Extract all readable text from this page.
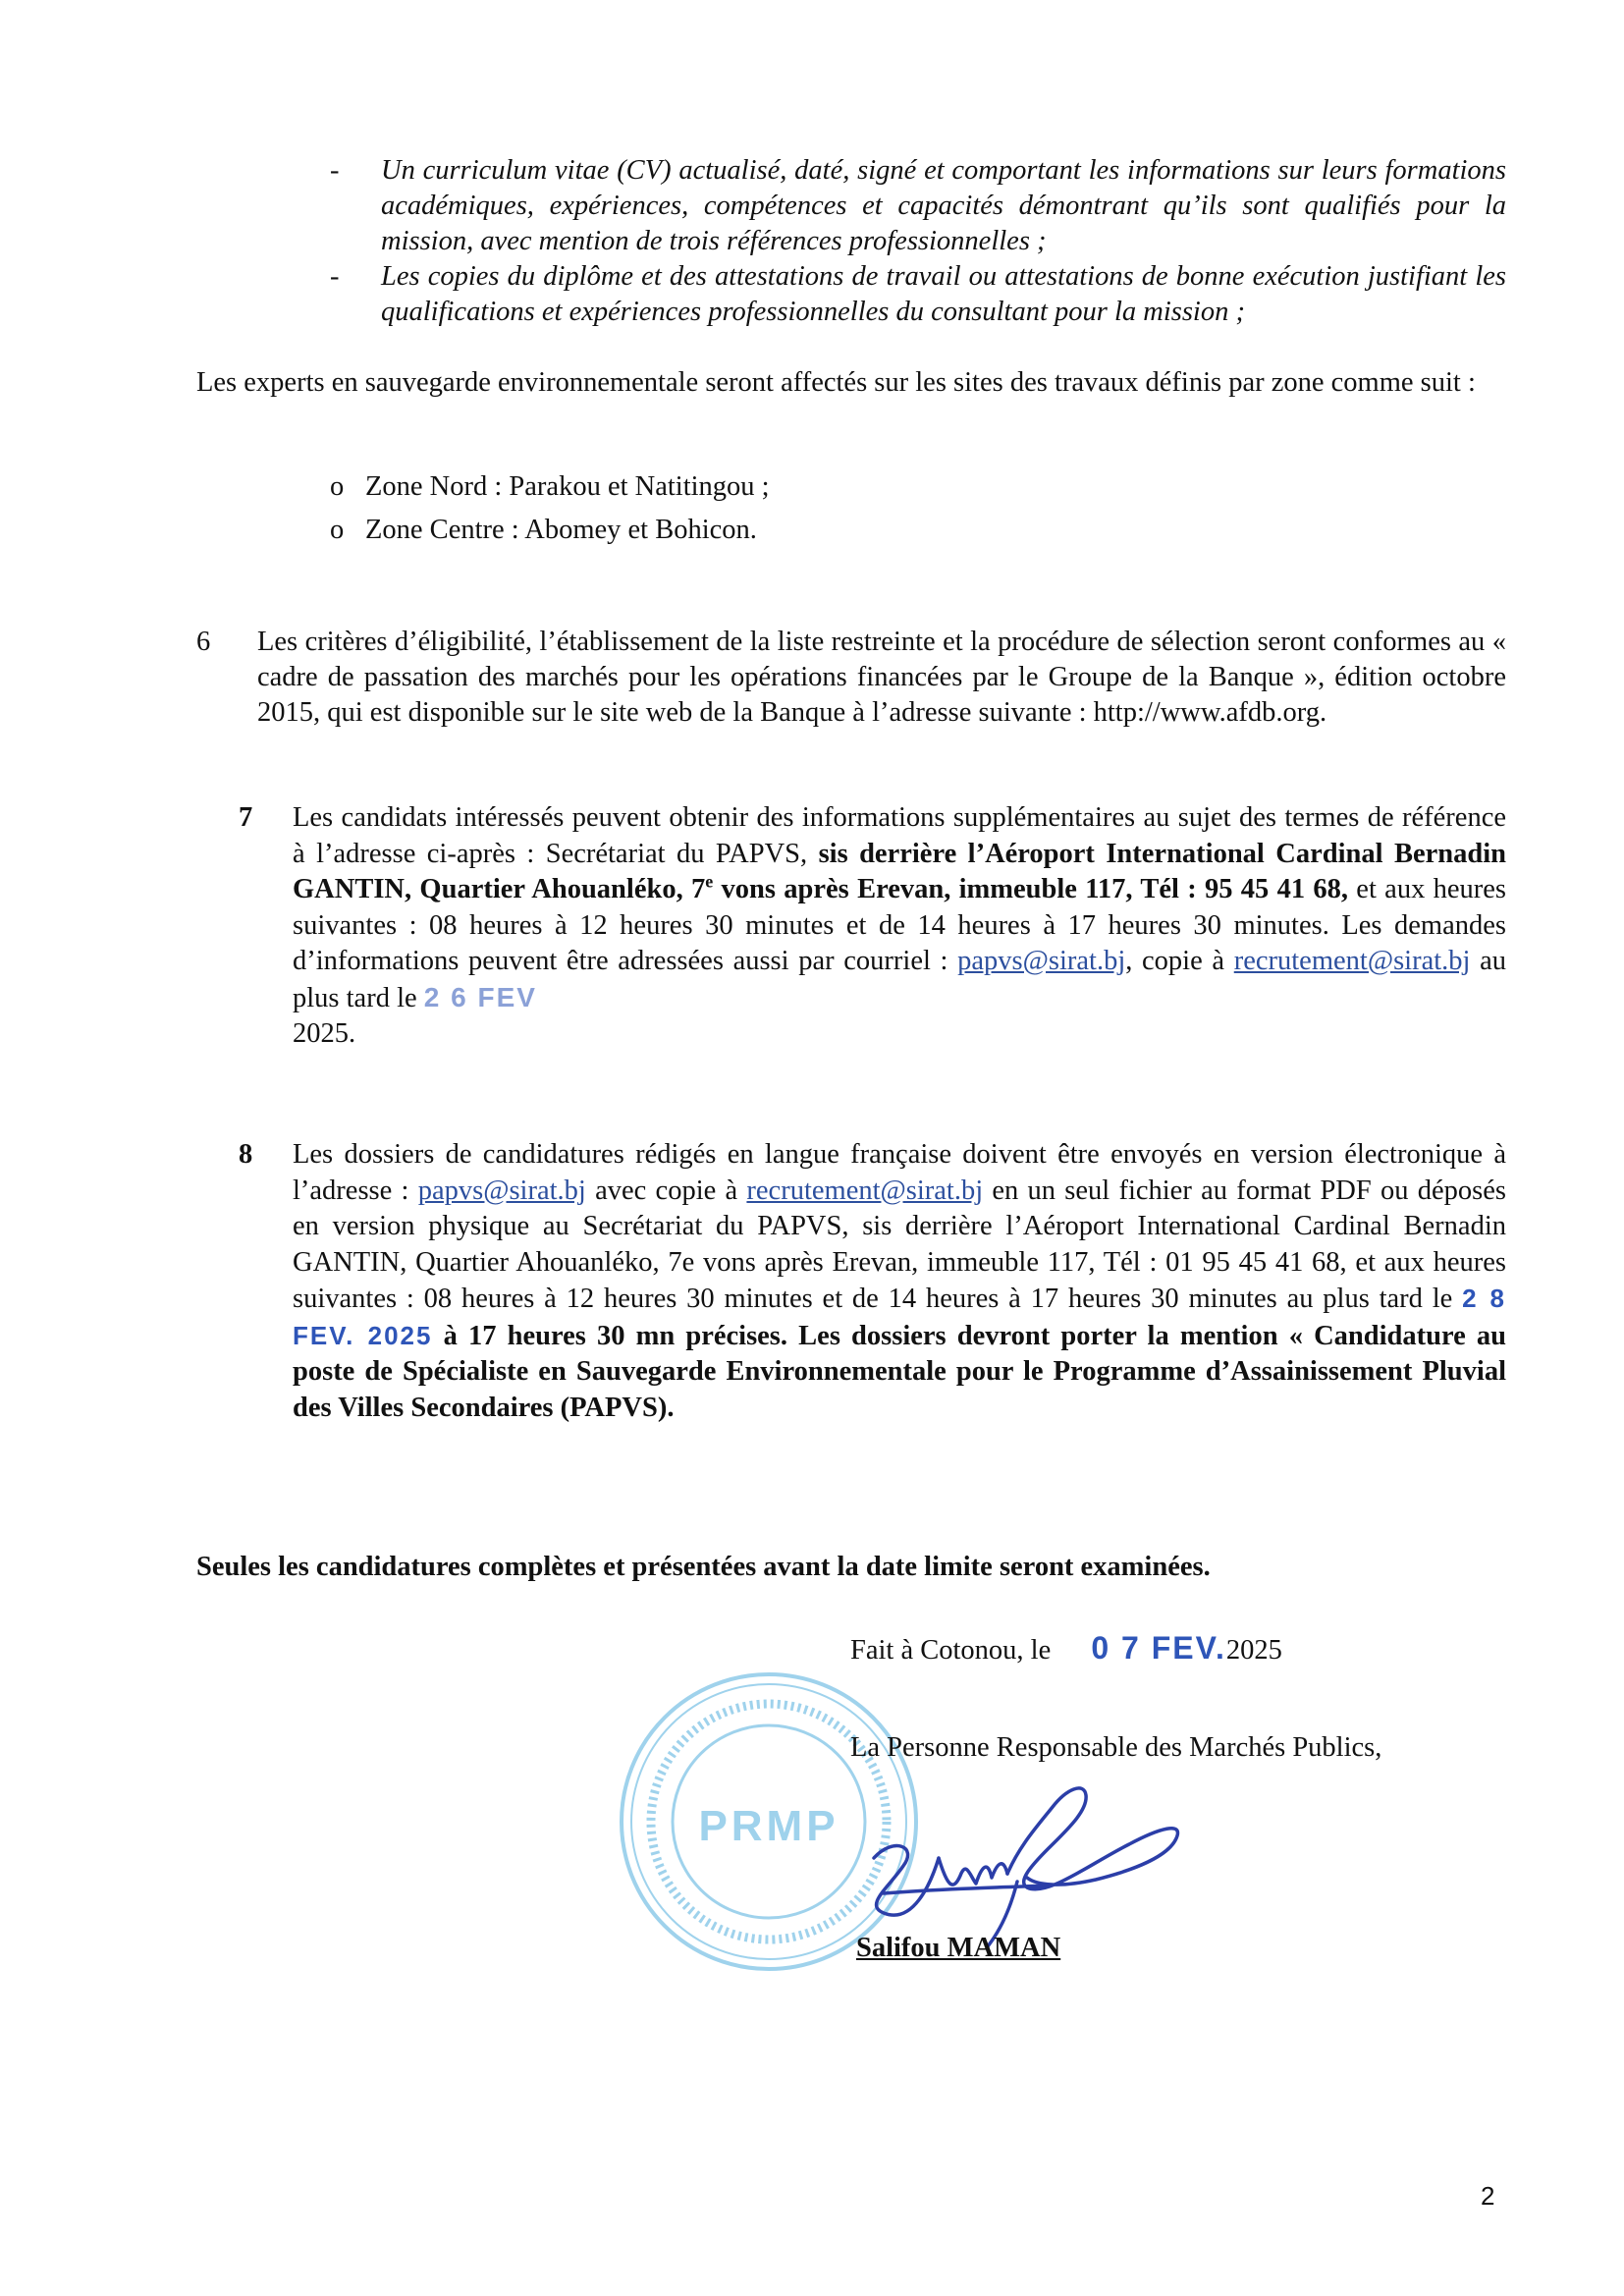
- Un curriculum vitae (CV) actualisé, daté, signé et comportant les informations sur leurs formations académiques, expériences, compétences et capacités démontrant qu’ils sont qualifiés pour la mission, avec mention de trois références professionnelles ;
- Les copies du diplôme et des attestations de travail ou attestations de bonne exécution justifiant les qualifications et expériences professionnelles du consultant pour la mission ;
Les experts en sauvegarde environnementale seront affectés sur les sites des travaux définis par zone comme suit :
o Zone Nord : Parakou et Natitingou ;
o Zone Centre : Abomey et Bohicon.
6 Les critères d’éligibilité, l’établissement de la liste restreinte et la procédure de sélection seront conformes au « cadre de passation des marchés pour les opérations financées par le Groupe de la Banque », édition octobre 2015, qui est disponible sur le site web de la Banque à l’adresse suivante : http://www.afdb.org.
7 Les candidats intéressés peuvent obtenir des informations supplémentaires au sujet des termes de référence à l’adresse ci-après : Secrétariat du PAPVS, sis derrière l’Aéroport International Cardinal Bernadin GANTIN, Quartier Ahouanléko, 7e vons après Erevan, immeuble 117, Tél : 95 45 41 68, et aux heures suivantes : 08 heures à 12 heures 30 minutes et de 14 heures à 17 heures 30 minutes. Les demandes d’informations peuvent être adressées aussi par courriel : papvs@sirat.bj, copie à recrutement@sirat.bj au plus tard le 2 6 FEV
2025.
8 Les dossiers de candidatures rédigés en langue française doivent être envoyés en version électronique à l’adresse : papvs@sirat.bj avec copie à recrutement@sirat.bj en un seul fichier au format PDF ou déposés en version physique au Secrétariat du PAPVS, sis derrière l’Aéroport International Cardinal Bernadin GANTIN, Quartier Ahouanléko, 7e vons après Erevan, immeuble 117, Tél : 01 95 45 41 68, et aux heures suivantes : 08 heures à 12 heures 30 minutes et de 14 heures à 17 heures 30 minutes au plus tard le 2 8 FEV. 2025 à 17 heures 30 mn précises. Les dossiers devront porter la mention « Candidature au poste de Spécialiste en Sauvegarde Environnementale pour le Programme d’Assainissement Pluvial des Villes Secondaires (PAPVS).
Seules les candidatures complètes et présentées avant la date limite seront examinées.
Fait à Cotonou, le 0 7 FEV.2025
PRMP
La Personne Responsable des Marchés Publics,
Salifou MAMAN
2
